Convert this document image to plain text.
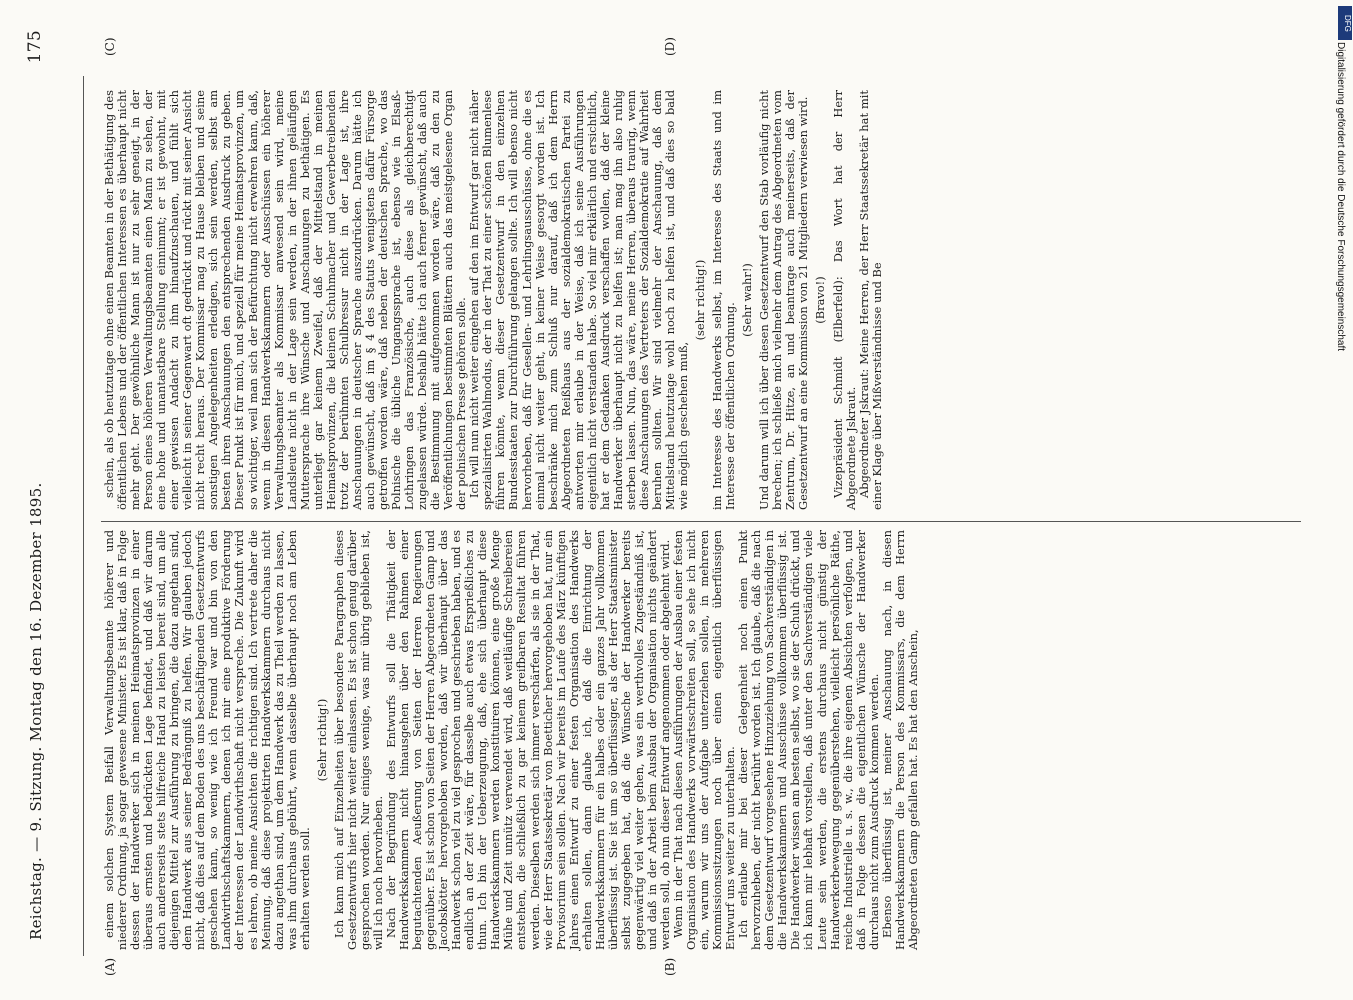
Reichstag. — 9. Sitzung. Montag den 16. Dezember 1895.
175
(A)	(B)
(C)	(D)

einem solchen System Beifall Verwaltungsbeamte höherer und niederer Ordnung, ja sogar gewesene Minister. Es ist klar, daß in Folge dessen der Handwerker sich in meinen Heimatsprovinzen in einer überaus ernsten und bedrückten Lage befindet, und daß wir darum auch andererseits stets hilfreiche Hand zu leisten bereit sind, um alle diejenigen Mittel zur Ausführung zu bringen, die dazu angethan sind, dem Handwerk aus seiner Bedrängniß zu helfen. Wir glauben jedoch nicht, daß dies auf dem Boden des uns beschäftigenden Gesetzentwurfs geschehen kann, so wenig wie ich Freund war und bin von den Landwirthschaftskammern, denen ich mir eine produktive Förderung der Interessen der Landwirthschaft nicht verspreche. Die Zukunft wird es lehren, ob meine Ansichten die richtigen sind. Ich vertrete daher die Meinung, daß diese projektirten Handwerkskammern durchaus nicht dazu angethan sind, um dem Handwerk das zu Theil werden zu lassen, was ihm durchaus gebührt, wenn dasselbe überhaupt noch am Leben erhalten werden soll.

(Sehr richtig!) Ich kann mich auf Einzelheiten über besondere Paragraphen dieses Gesetzentwurfs hier nicht weiter einlassen. Es ist schon genug darüber gesprochen worden. Nur einiges wenige, was mir übrig geblieben ist, will ich noch hervorheben. Nach der Begründung des Entwurfs soll die Thätigkeit der Handwerkskammern nicht hinausgehen über den Rahmen einer begutachtenden Aeußerung von Seiten der Herren Regierungen gegenüber. Es ist schon von Seiten der Herren Abgeordneten Gamp und Jacobskötter hervorgehoben worden, daß wir überhaupt über das Handwerk schon viel zu viel gesprochen und geschrieben haben, und es endlich an der Zeit wäre, für dasselbe auch etwas Ersprießliches zu thun. Ich bin der Ueberzeugung, daß, ehe sich überhaupt diese Handwerkskammern werden konstituiren können, eine große Menge Mühe und Zeit unnütz verwendet wird, daß weitläufige Schreibereien entstehen, die schließlich zu gar keinem greifbaren Resultat führen werden. Dieselben werden sich immer verschärfen, als sie in der That, wie der Herr Staatssekretär von Boetticher hervorgehoben hat, nur ein Provisorium sein sollen. Nach wir bereits im Laufe des März künftigen Jahres einen Entwurf zu einer festen Organisation des Handwerks erhalten sollen, dann glaube ich, daß die Einrichtung der Handwerkskammern für ein halbes oder ein ganzes Jahr vollkommen überflüssig ist. Sie ist um so überflüssiger, als der Herr Staatsminister selbst zugegeben hat, daß die Wünsche der Handwerker bereits gegenwärtig viel weiter gehen, was ein werthvolles Zugeständniß ist, und daß in der Arbeit beim Ausbau der Organisation nichts geändert werden soll, ob nun dieser Entwurf angenommen oder abgelehnt wird. Wenn in der That nach diesen Ausführungen der Ausbau einer festen Organisation des Handwerks vorwärtsschreiten soll, so sehe ich nicht ein, warum wir uns der Aufgabe unterziehen sollen, in mehreren Kommissionssitzungen noch über einen eigentlich überflüssigen Entwurf uns weiter zu unterhalten. Ich erlaube mir bei dieser Gelegenheit noch einen Punkt hervorzuheben, der nicht berührt worden ist. Ich glaube, daß die nach dem Gesetzentwurf vorgesehene Hinzuziehung von Sachverständigen in die Handwerkskammern und Ausschüsse vollkommen überflüssig ist. Die Handwerker wissen am besten selbst, wo sie der Schuh drückt, und ich kann mir lebhaft vorstellen, daß unter den Sachverständigen viele Leute sein werden, die erstens durchaus nicht günstig der Handwerkerbewegung gegenüberstehen, vielleicht persönliche Räthe, reiche Industrielle u. s. w., die ihre eigenen Absichten verfolgen, und daß in Folge dessen die eigentlichen Wünsche der Handwerker durchaus nicht zum Ausdruck kommen werden. Ebenso überflüssig ist, meiner Anschauung nach, in diesen Handwerkskammern die Person des Kommissars, die dem Herrn Abgeordneten Gamp gefallen hat. Es hat den Anschein,

schein, als ob heutzutage ohne einen Beamten in der Bethätigung des öffentlichen Lebens und der öffentlichen Interessen es überhaupt nicht mehr geht. Der gewöhnliche Mann ist nur zu sehr geneigt, in der Person eines höheren Verwaltungsbeamten einen Mann zu sehen, der eine hohe und unantastbare Stellung einnimmt; er ist gewohnt, mit einer gewissen Andacht zu ihm hinaufzuschauen, und fühlt sich vielleicht in seiner Gegenwart oft gedrückt und rückt mit seiner Ansicht nicht recht heraus. Der Kommissar mag zu Hause bleiben und seine sonstigen Angelegenheiten erledigen, sich sein werden, selbst am besten ihren Anschauungen den entsprechenden Ausdruck zu geben. Dieser Punkt ist für mich, und speziell für meine Heimatsprovinzen, um so wichtiger, weil man sich der Befürchtung nicht erwehren kann, daß, wenn in diesen Handwerkskammern oder Ausschüssen ein höherer Verwaltungsbeamter als Kommissar anwesend sein wird, meine Landsleute nicht in der Lage sein werden, in der ihnen geläufigen Muttersprache ihre Wünsche und Anschauungen zu bethätigen. Es unterliegt gar keinem Zweifel, daß der Mittelstand in meinen Heimatsprovinzen, die kleinen Schuhmacher und Gewerbetreibenden trotz der berühmten Schulbressur nicht in der Lage ist, ihre Anschauungen in deutscher Sprache auszudrücken. Darum hätte ich auch gewünscht, daß im § 4 des Statuts wenigstens dafür Fürsorge getroffen worden wäre, daß neben der deutschen Sprache, wo das Polnische die übliche Umgangssprache ist, ebenso wie in Elsaß-Lothringen das Französische, auch diese als gleichberechtigt zugelassen würde. Deshalb hätte ich auch ferner gewünscht, daß auch die Bestimmung mit aufgenommen worden wäre, daß zu den zu Veröffentlichungen bestimmten Blättern auch das meistgelesene Organ der polnischen Presse gehören solle. Ich will nun nicht weiter eingehen auf den im Entwurf gar nicht näher spezialisirten Wahlmodus, der in der That zu einer schönen Blumenlese führen könnte, wenn dieser Gesetzentwurf in den einzelnen Bundesstaaten zur Durchführung gelangen sollte. Ich will ebenso nicht hervorheben, daß für Gesellen- und Lehrlingsausschüsse, ohne die es einmal nicht weiter geht, in keiner Weise gesorgt worden ist. Ich beschränke mich zum Schluß nur darauf, daß ich dem Herrn Abgeordneten Reißhaus aus der sozialdemokratischen Partei zu antworten mir erlaube in der Weise, daß ich seine Ausführungen eigentlich nicht verstanden habe. So viel mir erklärlich und ersichtlich, hat er dem Gedanken Ausdruck verschaffen wollen, daß der kleine Handwerker überhaupt nicht zu helfen ist; man mag ihn also ruhig sterben lassen. Nun, das wäre, meine Herren, überaus traurig, wenn diese Anschauungen des Vertreters der Sozialdemokratie auf Wahrheit beruhen sollten. Wir sind vielmehr der Anschauung, daß dem Mittelstand heutzutage wohl noch zu helfen ist, und daß dies so bald wie möglich geschehen muß,

(sehr richtig!) im Interesse des Handwerks selbst, im Interesse des Staats und im Interesse der öffentlichen Ordnung.

(Sehr wahr!) Und darum will ich über diesen Gesetzentwurf den Stab vorläufig nicht brechen; ich schließe mich vielmehr dem Antrag des Abgeordneten vom Zentrum, Dr. Hitze, an und beantrage auch meinerseits, daß der Gesetzentwurf an eine Kommission von 21 Mitgliedern verwiesen wird. (Bravo!) Vizepräsident Schmidt (Elberfeld): Das Wort hat der Herr Abgeordnete Jskraut. Abgeordneter Jskraut: Meine Herren, der Herr Staatssekretär hat mit einer Klage über Mißverständnisse und Be

Digitalisierung gefördert durch die Deutsche Forschungsgemeinschaft
DFG
